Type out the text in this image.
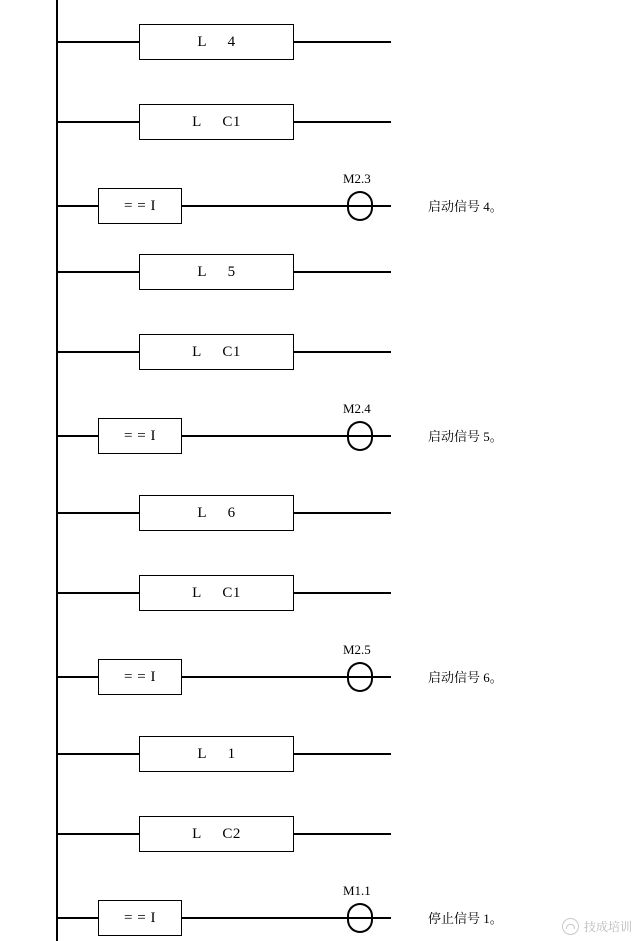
L     4
L     C1
= = I
M2.3
启动信号 4。
L     5
L     C1
= = I
M2.4
启动信号 5。
L     6
L     C1
= = I
M2.5
启动信号 6。
L     1
L     C2
= = I
M1.1
停止信号 1。
技成培训
